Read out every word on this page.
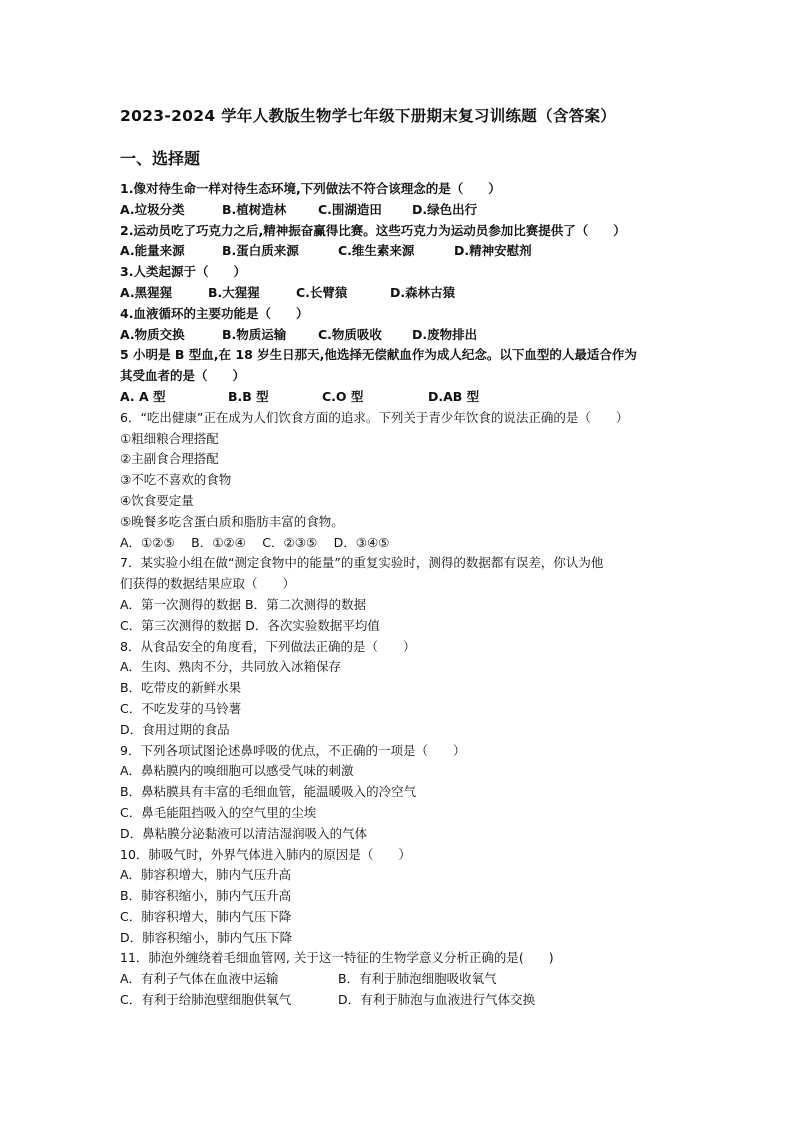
2023-2024 学年人教版生物学七年级下册期末复习训练题（含答案）
一、选择题
1.像对待生命一样对待生态环境,下列做法不符合该理念的是（　　）
A.垃圾分类	B.植树造林	C.围湖造田 D.绿色出行
2.运动员吃了巧克力之后,精神振奋赢得比赛。这些巧克力为运动员参加比赛提供了（　　）
A.能量来源	B.蛋白质来源	C.维生素来源	D.精神安慰剂
3.人类起源于（　　）
A.黑猩猩	B.大猩猩	C.长臂猿	D.森林古猿
4.血液循环的主要功能是（　　）
A.物质交换	B.物质运输	C.物质吸收 D.废物排出
5 小明是 B 型血,在 18 岁生日那天,他选择无偿献血作为成人纪念。以下血型的人最适合作为
其受血者的是（　　）
A. A 型	B.B 型	C.O 型	D.AB 型
6．“吃出健康”正在成为人们饮食方面的追求。下列关于青少年饮食的说法正确的是（　　）
①粗细粮合理搭配
②主副食合理搭配
③不吃不喜欢的食物
④饮食要定量
⑤晚餐多吃含蛋白质和脂肪丰富的食物。
A．①②⑤　 B．①②④　 C．②③⑤　 D．③④⑤
7．某实验小组在做“测定食物中的能量”的重复实验时，测得的数据都有误差，你认为他
们获得的数据结果应取（　　）
A．第一次测得的数据 B．第二次测得的数据
C．第三次测得的数据 D．各次实验数据平均值
8．从食品安全的角度看，下列做法正确的是（　　）
A．生肉、熟肉不分，共同放入冰箱保存
B．吃带皮的新鲜水果
C．不吃发芽的马铃薯
D．食用过期的食品
9．下列各项试图论述鼻呼吸的优点，不正确的一项是（　　）
A．鼻粘膜内的嗅细胞可以感受气味的刺激
B．鼻粘膜具有丰富的毛细血管，能温暖吸入的冷空气
C．鼻毛能阻挡吸入的空气里的尘埃
D．鼻粘膜分泌黏液可以清洁湿润吸入的气体
10．肺吸气时，外界气体进入肺内的原因是（　　）
A．肺容积增大，肺内气压升高
B．肺容积缩小，肺内气压升高
C．肺容积增大，肺内气压下降
D．肺容积缩小，肺内气压下降
11．肺泡外缠绕着毛细血管网, 关于这一特征的生物学意义分析正确的是(　　)
A．有利子气体在血液中运输	B．有利于肺泡细胞吸收氧气
C．有利于给肺泡壁细胞供氧气	D．有利于肺泡与血液进行气体交换
